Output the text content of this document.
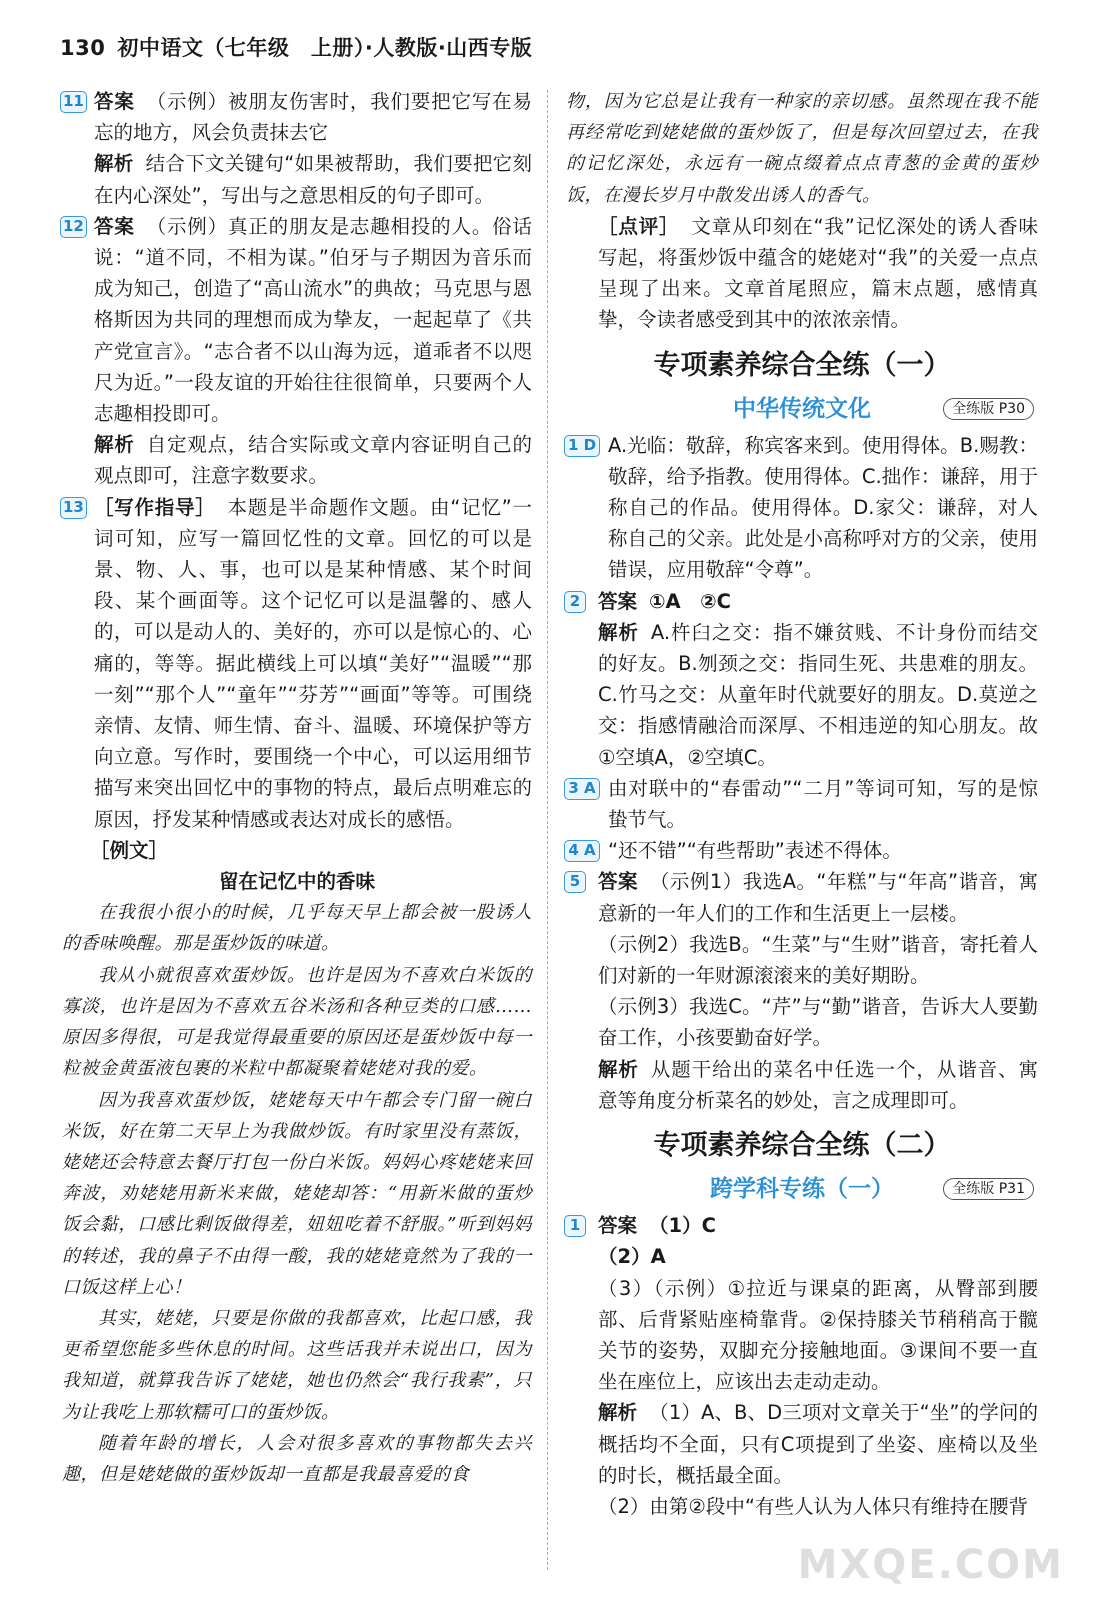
130 初中语文（七年级　上册）·人教版·山西专版
11 答案 （示例）被朋友伤害时，我们要把它写在易忘的地方，风会负责抹去它

解析 结合下文关键句“如果被帮助，我们要把它刻在内心深处”，写出与之意思相反的句子即可。

12 答案 （示例）真正的朋友是志趣相投的人。俗话说：“道不同，不相为谋。”伯牙与子期因为音乐而成为知己，创造了“高山流水”的典故；马克思与恩格斯因为共同的理想而成为挚友，一起起草了《共产党宣言》。“志合者不以山海为远，道乖者不以咫尺为近。”一段友谊的开始往往很简单，只要两个人志趣相投即可。

解析 自定观点，结合实际或文章内容证明自己的观点即可，注意字数要求。

13 ［写作指导］ 本题是半命题作文题。由“记忆”一词可知，应写一篇回忆性的文章。回忆的可以是景、物、人、事，也可以是某种情感、某个时间段、某个画面等。这个记忆可以是温馨的、感人的，可以是动人的、美好的，亦可以是惊心的、心痛的，等等。据此横线上可以填“美好”“温暖”“那一刻”“那个人”“童年”“芬芳”“画面”等等。可围绕亲情、友情、师生情、奋斗、温暖、环境保护等方向立意。写作时，要围绕一个中心，可以运用细节描写来突出回忆中的事物的特点，最后点明难忘的原因，抒发某种情感或表达对成长的感悟。

［例文］

留在记忆中的香味

在我很小很小的时候，几乎每天早上都会被一股诱人的香味唤醒。那是蛋炒饭的味道。

我从小就很喜欢蛋炒饭。也许是因为不喜欢白米饭的寡淡，也许是因为不喜欢五谷米汤和各种豆类的口感……原因多得很，可是我觉得最重要的原因还是蛋炒饭中每一粒被金黄蛋液包裹的米粒中都凝聚着姥姥对我的爱。

因为我喜欢蛋炒饭，姥姥每天中午都会专门留一碗白米饭，好在第二天早上为我做炒饭。有时家里没有蒸饭，姥姥还会特意去餐厅打包一份白米饭。妈妈心疼姥姥来回奔波，劝姥姥用新米来做，姥姥却答：“用新米做的蛋炒饭会黏，口感比剩饭做得差，妞妞吃着不舒服。”听到妈妈的转述，我的鼻子不由得一酸，我的姥姥竟然为了我的一口饭这样上心！

其实，姥姥，只要是你做的我都喜欢，比起口感，我更希望您能多些休息的时间。这些话我并未说出口，因为我知道，就算我告诉了姥姥，她也仍然会“我行我素”，只为让我吃上那软糯可口的蛋炒饭。

随着年龄的增长，人会对很多喜欢的事物都失去兴趣，但是姥姥做的蛋炒饭却一直都是我最喜爱的食

物，因为它总是让我有一种家的亲切感。虽然现在我不能再经常吃到姥姥做的蛋炒饭了，但是每次回望过去，在我的记忆深处，永远有一碗点缀着点点青葱的金黄的蛋炒饭，在漫长岁月中散发出诱人的香气。

［点评］ 文章从印刻在“我”记忆深处的诱人香味写起，将蛋炒饭中蕴含的姥姥对“我”的关爱一点点呈现了出来。文章首尾照应，篇末点题，感情真挚，令读者感受到其中的浓浓亲情。

专项素养综合全练（一）
中华传统文化	全练版 P30
1 D A.光临：敬辞，称宾客来到。使用得体。B.赐教：敬辞，给予指教。使用得体。C.拙作：谦辞，用于称自己的作品。使用得体。D.家父：谦辞，对人称自己的父亲。此处是小高称呼对方的父亲，使用错误，应用敬辞“令尊”。

2 答案 ①A　②C

解析 A.杵臼之交：指不嫌贫贱、不计身份而结交的好友。B.刎颈之交：指同生死、共患难的朋友。C.竹马之交：从童年时代就要好的朋友。D.莫逆之交：指感情融洽而深厚、不相违逆的知心朋友。故①空填A，②空填C。

3 A 由对联中的“春雷动”“二月”等词可知，写的是惊蛰节气。

4 A “还不错”“有些帮助”表述不得体。

5 答案 （示例1）我选A。“年糕”与“年高”谐音，寓意新的一年人们的工作和生活更上一层楼。

（示例2）我选B。“生菜”与“生财”谐音，寄托着人们对新的一年财源滚滚来的美好期盼。

（示例3）我选C。“芹”与“勤”谐音，告诉大人要勤奋工作，小孩要勤奋好学。

解析 从题干给出的菜名中任选一个，从谐音、寓意等角度分析菜名的妙处，言之成理即可。

专项素养综合全练（二）
跨学科专练（一）	全练版 P31
1 答案 （1）C

（2）A

（3）（示例）①拉近与课桌的距离，从臀部到腰部、后背紧贴座椅靠背。②保持膝关节稍稍高于髋关节的姿势，双脚充分接触地面。③课间不要一直坐在座位上，应该出去走动走动。

解析 （1）A、B、D三项对文章关于“坐”的学问的概括均不全面，只有C项提到了坐姿、座椅以及坐的时长，概括最全面。

（2）由第②段中“有些人认为人体只有维持在腰背

MXQE.COM
